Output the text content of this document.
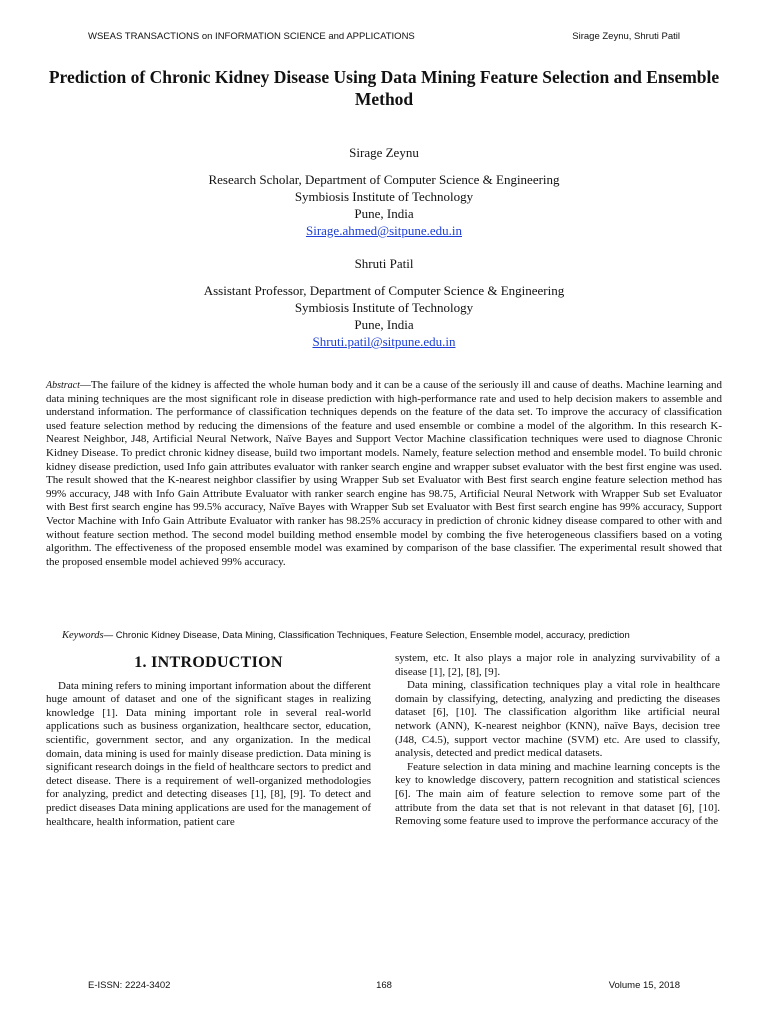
WSEAS TRANSACTIONS on INFORMATION SCIENCE and APPLICATIONS	Sirage Zeynu, Shruti Patil
Prediction of Chronic Kidney Disease Using Data Mining Feature Selection and Ensemble Method
Sirage Zeynu
Research Scholar, Department of Computer Science & Engineering
Symbiosis Institute of Technology
Pune, India
Sirage.ahmed@sitpune.edu.in
Shruti Patil
Assistant Professor, Department of Computer Science & Engineering
Symbiosis Institute of Technology
Pune, India
Shruti.patil@sitpune.edu.in
Abstract—The failure of the kidney is affected the whole human body and it can be a cause of the seriously ill and cause of deaths. Machine learning and data mining techniques are the most significant role in disease prediction with high-performance rate and used to help decision makers to assemble and understand information. The performance of classification techniques depends on the feature of the data set. To improve the accuracy of classification used feature selection method by reducing the dimensions of the feature and used ensemble or combine a model of the algorithm. In this research K-Nearest Neighbor, J48, Artificial Neural Network, Naïve Bayes and Support Vector Machine classification techniques were used to diagnose Chronic Kidney Disease. To predict chronic kidney disease, build two important models. Namely, feature selection method and ensemble model. To build chronic kidney disease prediction, used Info gain attributes evaluator with ranker search engine and wrapper subset evaluator with the best first engine was used. The result showed that the K-nearest neighbor classifier by using Wrapper Sub set Evaluator with Best first search engine feature selection method has 99% accuracy, J48 with Info Gain Attribute Evaluator with ranker search engine has 98.75, Artificial Neural Network with Wrapper Sub set Evaluator with Best first search engine has 99.5% accuracy, Naïve Bayes with Wrapper Sub set Evaluator with Best first search engine has 99% accuracy, Support Vector Machine with Info Gain Attribute Evaluator with ranker has 98.25% accuracy in prediction of chronic kidney disease compared to other with and without feature section method. The second model building method ensemble model by combing the five heterogeneous classifiers based on a voting algorithm. The effectiveness of the proposed ensemble model was examined by comparison of the base classifier. The experimental result showed that the proposed ensemble model achieved 99% accuracy.
Keywords— Chronic Kidney Disease, Data Mining, Classification Techniques, Feature Selection, Ensemble model, accuracy, prediction
1. INTRODUCTION

Data mining refers to mining important information about the different huge amount of dataset and one of the significant stages in realizing knowledge [1]. Data mining important role in several real-world applications such as business organization, healthcare sector, education, scientific, government sector, and any organization. In the medical domain, data mining is used for mainly disease prediction. Data mining is significant research doings in the field of healthcare sectors to predict and detect disease. There is a requirement of well-organized methodologies for analyzing, predict and detecting diseases [1], [8], [9]. To detect and predict diseases Data mining applications are used for the management of healthcare, health information, patient care

system, etc. It also plays a major role in analyzing survivability of a disease [1], [2], [8], [9].

Data mining, classification techniques play a vital role in healthcare domain by classifying, detecting, analyzing and predicting the diseases dataset [6], [10]. The classification algorithm like artificial neural network (ANN), K-nearest neighbor (KNN), naïve Bays, decision tree (J48, C4.5), support vector machine (SVM) etc. Are used to classify, analysis, detected and predict medical datasets.

Feature selection in data mining and machine learning concepts is the key to knowledge discovery, pattern recognition and statistical sciences [6]. The main aim of feature selection to remove some part of the attribute from the data set that is not relevant in that dataset [6], [10]. Removing some feature used to improve the performance accuracy of the

E-ISSN: 2224-3402	168	Volume 15, 2018
